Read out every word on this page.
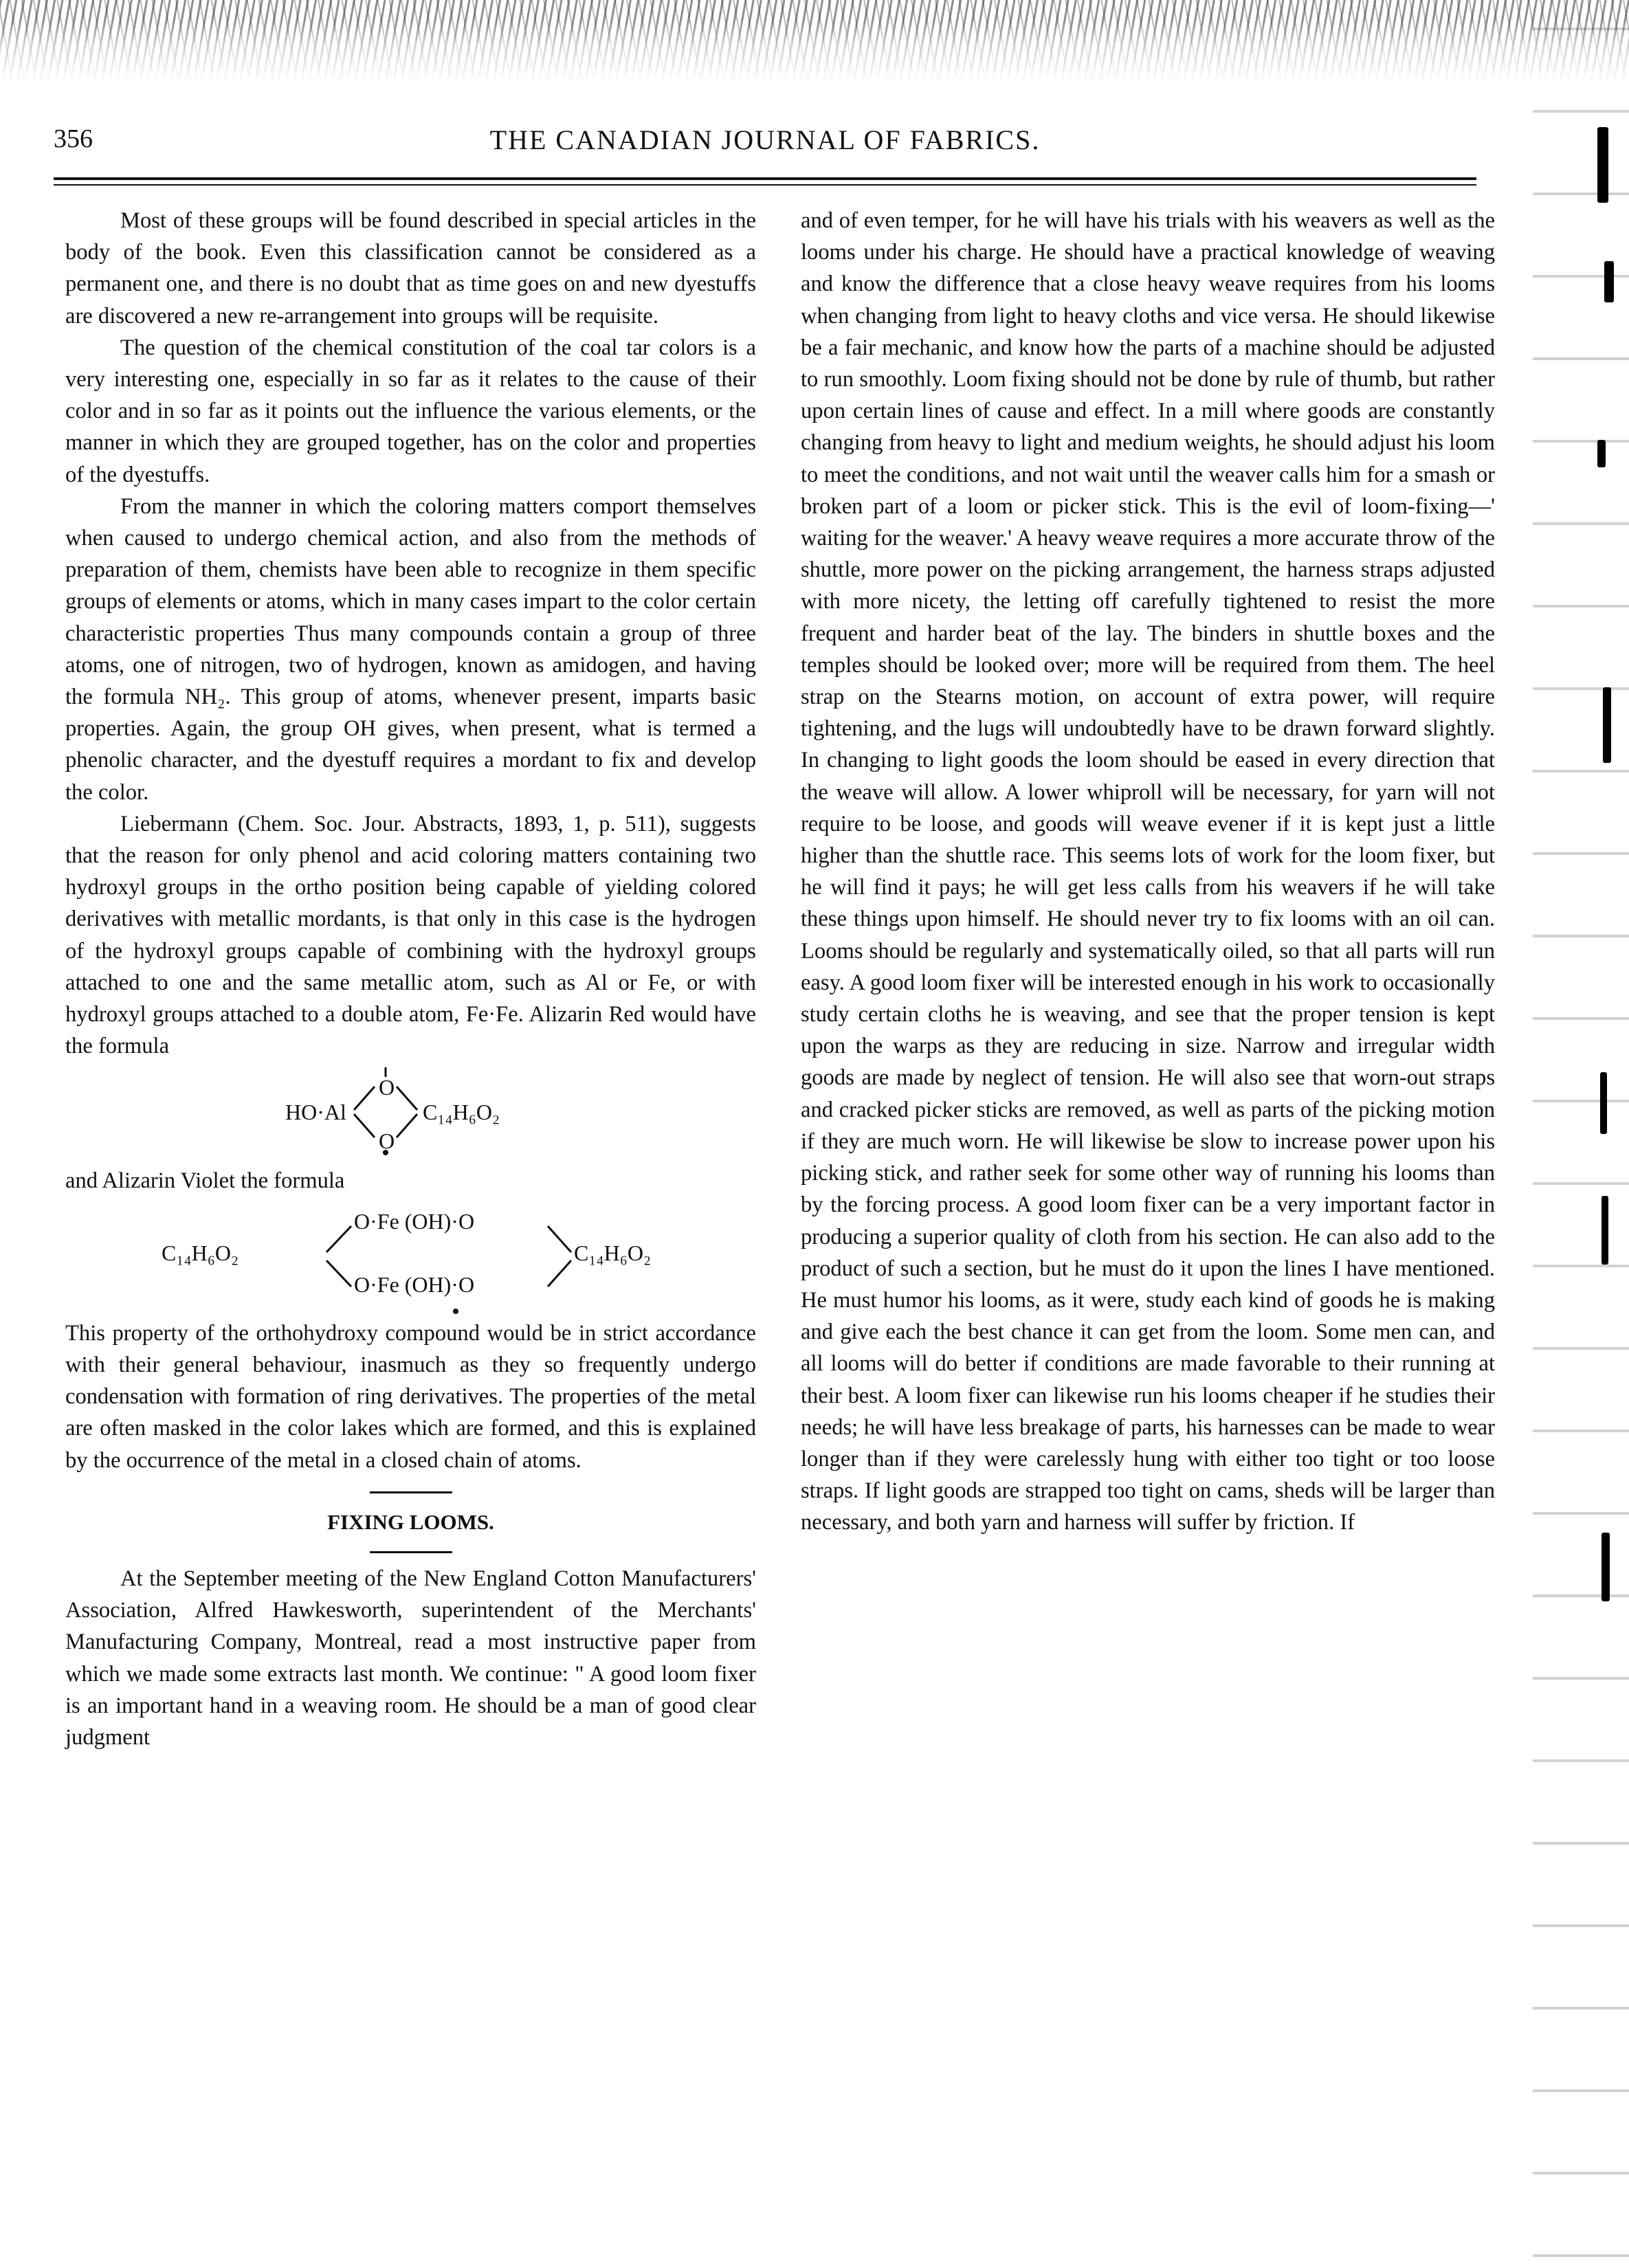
356	THE CANADIAN JOURNAL OF FABRICS.

Most of these groups will be found described in special articles in the body of the book. Even this classification cannot be considered as a permanent one, and there is no doubt that as time goes on and new dyestuffs are discovered a new re-arrangement into groups will be requisite.

The question of the chemical constitution of the coal tar colors is a very interesting one, especially in so far as it relates to the cause of their color and in so far as it points out the influence the various elements, or the manner in which they are grouped together, has on the color and properties of the dyestuffs.

From the manner in which the coloring matters comport themselves when caused to undergo chemical action, and also from the methods of preparation of them, chemists have been able to recognize in them specific groups of elements or atoms, which in many cases impart to the color certain characteristic properties Thus many compounds contain a group of three atoms, one of nitrogen, two of hydrogen, known as amidogen, and having the formula NH₂. This group of atoms, whenever present, imparts basic properties. Again, the group OH gives, when present, what is termed a phenolic character, and the dyestuff requires a mordant to fix and develop the color.

Liebermann (Chem. Soc. Jour. Abstracts, 1893, 1, p. 511), suggests that the reason for only phenol and acid coloring matters containing two hydroxyl groups in the ortho position being capable of yielding colored derivatives with metallic mordants, is that only in this case is the hydrogen of the hydroxyl groups capable of combining with the hydroxyl groups attached to one and the same metallic atom, such as Al or Fe, or with hydroxyl groups attached to a double atom, Fe·Fe. Alizarin Red would have the formula

HO·Al
O
O
C₁₄H₆O₂

and Alizarin Violet the formula

C₁₄H₆O₂
O·Fe (OH)·O
O·Fe (OH)·O
C₁₄H₆O₂

This property of the orthohydroxy compound would be in strict accordance with their general behaviour, inasmuch as they so frequently undergo condensation with formation of ring derivatives. The properties of the metal are often masked in the color lakes which are formed, and this is explained by the occurrence of the metal in a closed chain of atoms.

FIXING LOOMS.

At the September meeting of the New England Cotton Manufacturers' Association, Alfred Hawkesworth, superintendent of the Merchants' Manufacturing Company, Montreal, read a most instructive paper from which we made some extracts last month. We continue: " A good loom fixer is an important hand in a weaving room. He should be a man of good clear judgment

and of even temper, for he will have his trials with his weavers as well as the looms under his charge. He should have a practical knowledge of weaving and know the difference that a close heavy weave requires from his looms when changing from light to heavy cloths and vice versa. He should likewise be a fair mechanic, and know how the parts of a machine should be adjusted to run smoothly. Loom fixing should not be done by rule of thumb, but rather upon certain lines of cause and effect. In a mill where goods are constantly changing from heavy to light and medium weights, he should adjust his loom to meet the conditions, and not wait until the weaver calls him for a smash or broken part of a loom or picker stick. This is the evil of loom-fixing—' waiting for the weaver.' A heavy weave requires a more accurate throw of the shuttle, more power on the picking arrangement, the harness straps adjusted with more nicety, the letting off carefully tightened to resist the more frequent and harder beat of the lay. The binders in shuttle boxes and the temples should be looked over; more will be required from them. The heel strap on the Stearns motion, on account of extra power, will require tightening, and the lugs will undoubtedly have to be drawn forward slightly. In changing to light goods the loom should be eased in every direction that the weave will allow. A lower whiproll will be necessary, for yarn will not require to be loose, and goods will weave evener if it is kept just a little higher than the shuttle race. This seems lots of work for the loom fixer, but he will find it pays; he will get less calls from his weavers if he will take these things upon himself. He should never try to fix looms with an oil can. Looms should be regularly and systematically oiled, so that all parts will run easy. A good loom fixer will be interested enough in his work to occasionally study certain cloths he is weaving, and see that the proper tension is kept upon the warps as they are reducing in size. Narrow and irregular width goods are made by neglect of tension. He will also see that worn-out straps and cracked picker sticks are removed, as well as parts of the picking motion if they are much worn. He will likewise be slow to increase power upon his picking stick, and rather seek for some other way of running his looms than by the forcing process. A good loom fixer can be a very important factor in producing a superior quality of cloth from his section. He can also add to the product of such a section, but he must do it upon the lines I have mentioned. He must humor his looms, as it were, study each kind of goods he is making and give each the best chance it can get from the loom. Some men can, and all looms will do better if conditions are made favorable to their running at their best. A loom fixer can likewise run his looms cheaper if he studies their needs; he will have less breakage of parts, his harnesses can be made to wear longer than if they were carelessly hung with either too tight or too loose straps. If light goods are strapped too tight on cams, sheds will be larger than necessary, and both yarn and harness will suffer by friction. If
